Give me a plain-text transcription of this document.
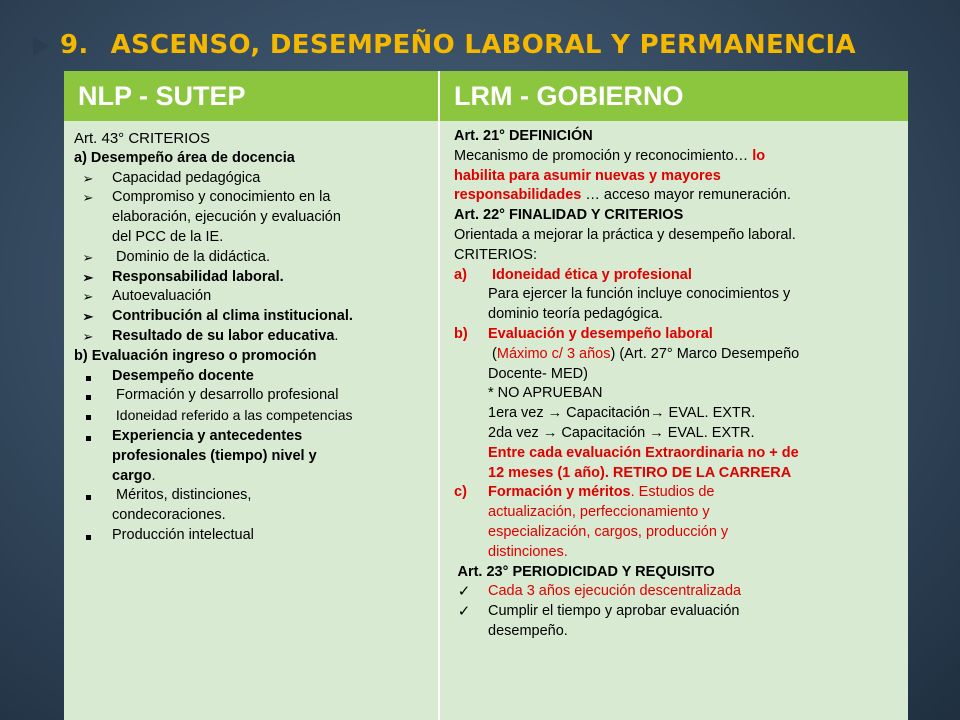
9. ASCENSO, DESEMPEÑO LABORAL Y PERMANENCIA
NLP - SUTEP	LRM - GOBIERNO
Art. 43° CRITERIOS
a) Desempeño área de docencia
➢	Capacidad pedagógica
➢	Compromiso y conocimiento en la
elaboración, ejecución y evaluación
del PCC de la IE.
➢	Dominio de la didáctica.
➢	Responsabilidad laboral.
➢	Autoevaluación
➢	Contribución al clima institucional.
➢	Resultado de su labor educativa.
b) Evaluación ingreso o promoción
Desempeño docente
Formación y desarrollo profesional
Idoneidad referido a las competencias
Experiencia y antecedentes
profesionales (tiempo) nivel y
cargo.
Méritos, distinciones,
condecoraciones.
Producción intelectual
Art. 21° DEFINICIÓN
Mecanismo de promoción y reconocimiento… lo
habilita para asumir nuevas y mayores
responsabilidades … acceso mayor remuneración.
Art. 22° FINALIDAD Y CRITERIOS
Orientada a mejorar la práctica y desempeño laboral.
CRITERIOS:
a) Idoneidad ética y profesional
Para ejercer la función incluye conocimientos y
dominio teoría pedagógica.
b) Evaluación y desempeño laboral
(Máximo c/ 3 años) (Art. 27° Marco Desempeño
Docente- MED)
* NO APRUEBAN
1era vez → Capacitación→ EVAL. EXTR.
2da vez → Capacitación → EVAL. EXTR.
Entre cada evaluación Extraordinaria no + de
12 meses (1 año). RETIRO DE LA CARRERA
c) Formación y méritos. Estudios de
actualización, perfeccionamiento y
especialización, cargos, producción y
distinciones.
Art. 23° PERIODICIDAD Y REQUISITO
✓ Cada 3 años ejecución descentralizada
✓ Cumplir el tiempo y aprobar evaluación
desempeño.
